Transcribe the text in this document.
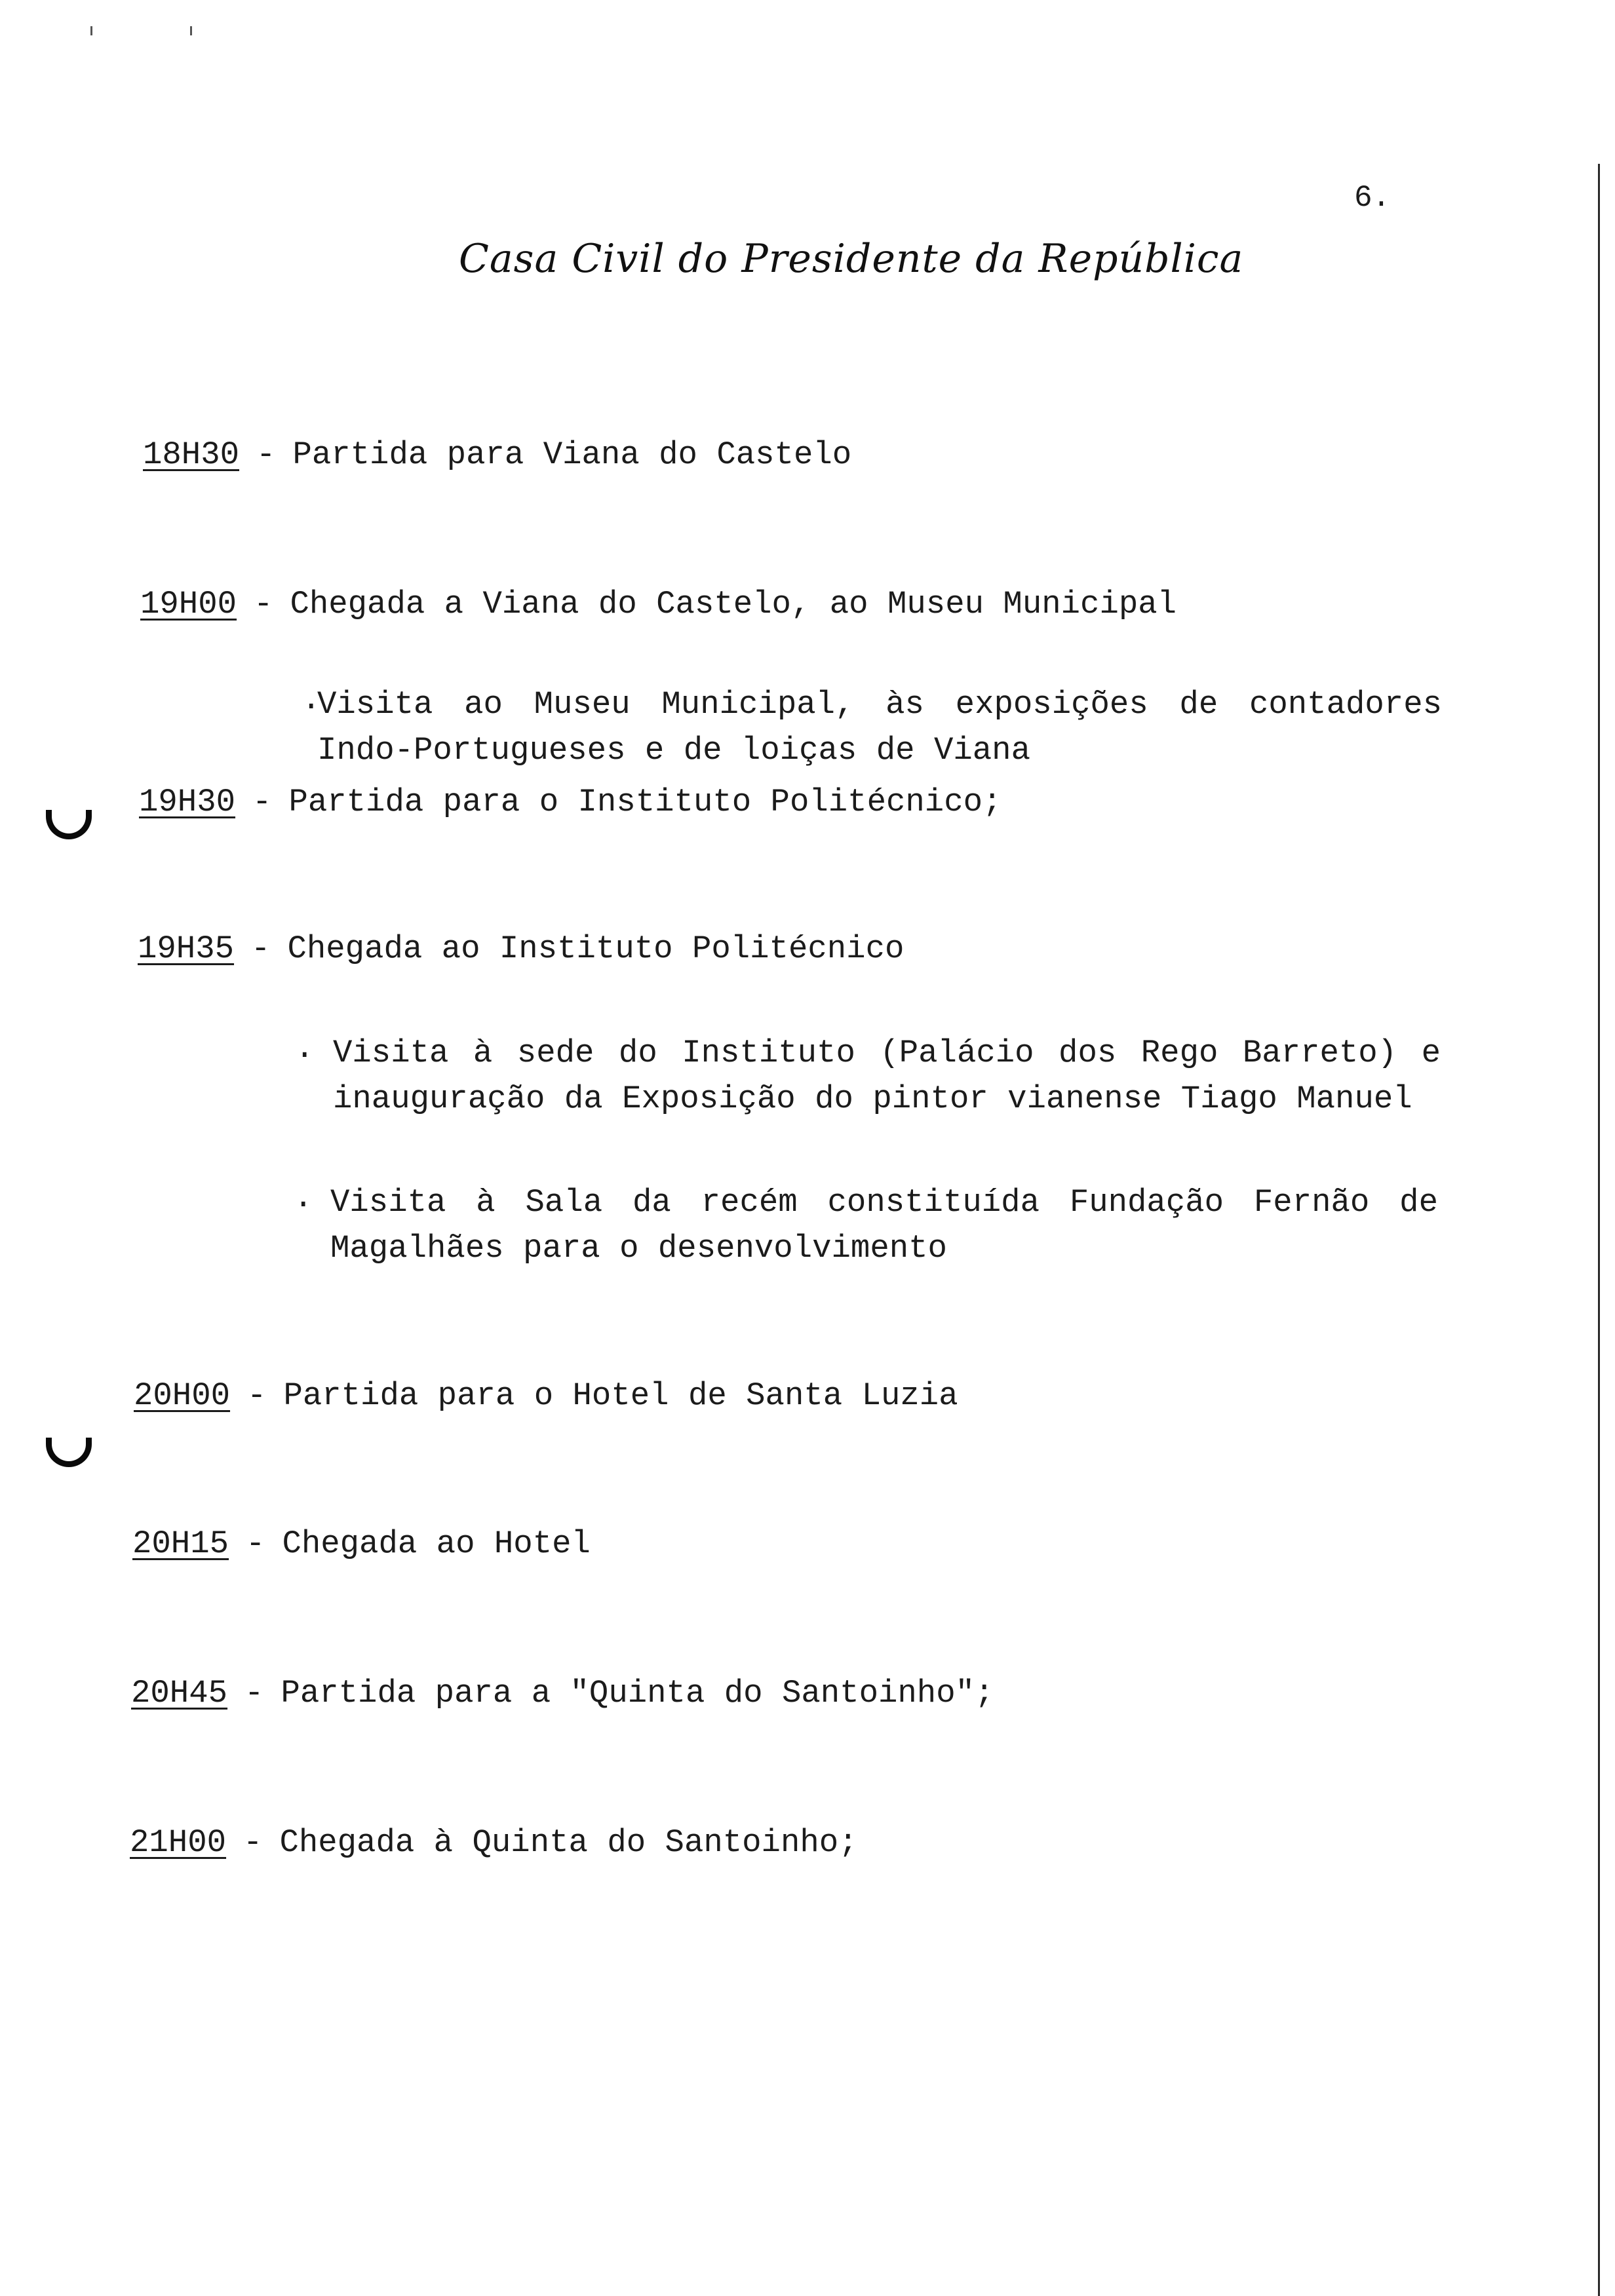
6.
Casa Civil do Presidente da República
18H30 - Partida para Viana do Castelo
19H00 - Chegada a Viana do Castelo, ao Museu Municipal
.
Visita ao Museu Municipal, às exposições de contadores Indo-Portugueses e de loiças de Viana
19H30 - Partida para o Instituto Politécnico;
19H35 - Chegada ao Instituto Politécnico
. Visita à sede do Instituto (Palácio dos Rego Barreto) e inauguração da Exposição do pintor vianense Tiago Manuel
. Visita à Sala da recém constituída Fundação Fernão de Magalhães para o desenvolvimento
20H00 - Partida para o Hotel de Santa Luzia
20H15 - Chegada ao Hotel
20H45 - Partida para a "Quinta do Santoinho";
21H00 - Chegada à Quinta do Santoinho;
